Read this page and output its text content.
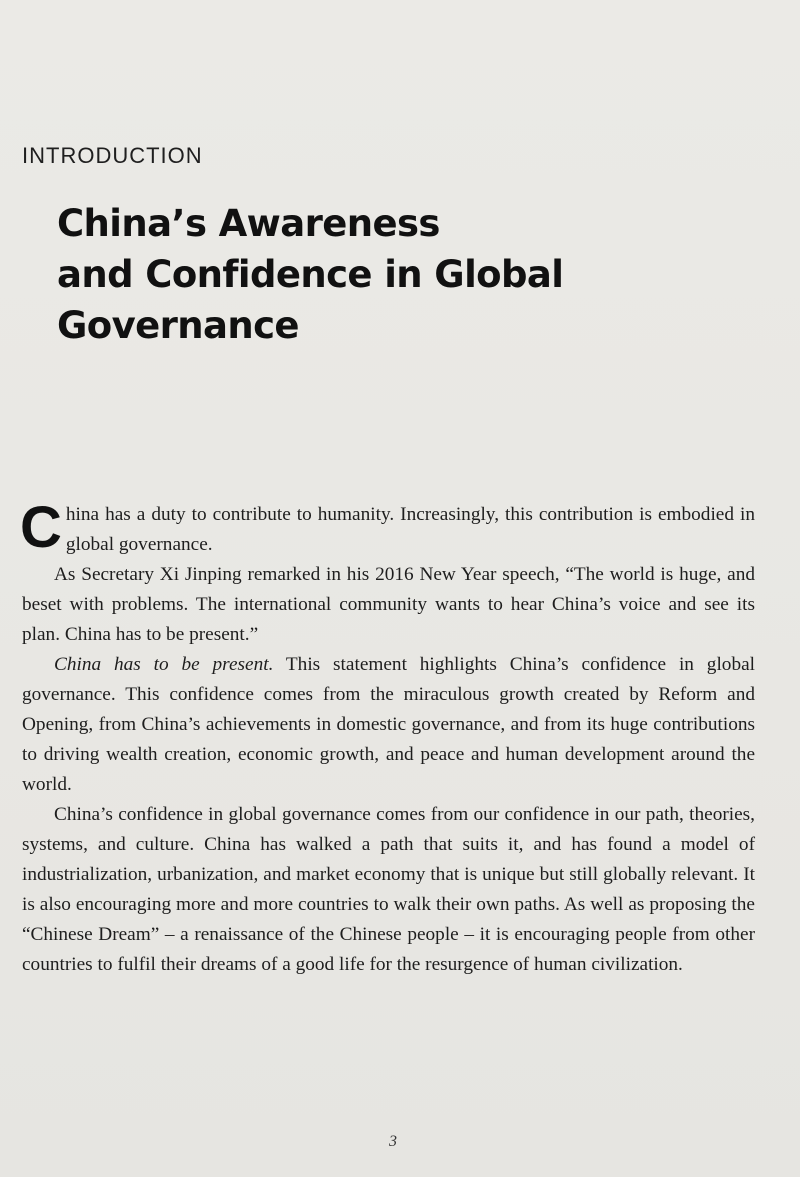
INTRODUCTION
China’s Awareness
and Confidence in Global
Governance

China has a duty to contribute to humanity. Increasingly, this contribution is embodied in global governance.

As Secretary Xi Jinping remarked in his 2016 New Year speech, “The world is huge, and beset with problems. The international community wants to hear China’s voice and see its plan. China has to be present.”

China has to be present. This statement highlights China’s confidence in global governance. This confidence comes from the miraculous growth created by Reform and Opening, from China’s achievements in domestic governance, and from its huge contributions to driving wealth creation, economic growth, and peace and human development around the world.

China’s confidence in global governance comes from our confidence in our path, theories, systems, and culture. China has walked a path that suits it, and has found a model of industrialization, urbanization, and market economy that is unique but still globally relevant. It is also encouraging more and more countries to walk their own paths. As well as proposing the “Chinese Dream” – a renaissance of the Chinese people – it is encouraging people from other countries to fulfil their dreams of a good life for the resurgence of human civilization.

3
